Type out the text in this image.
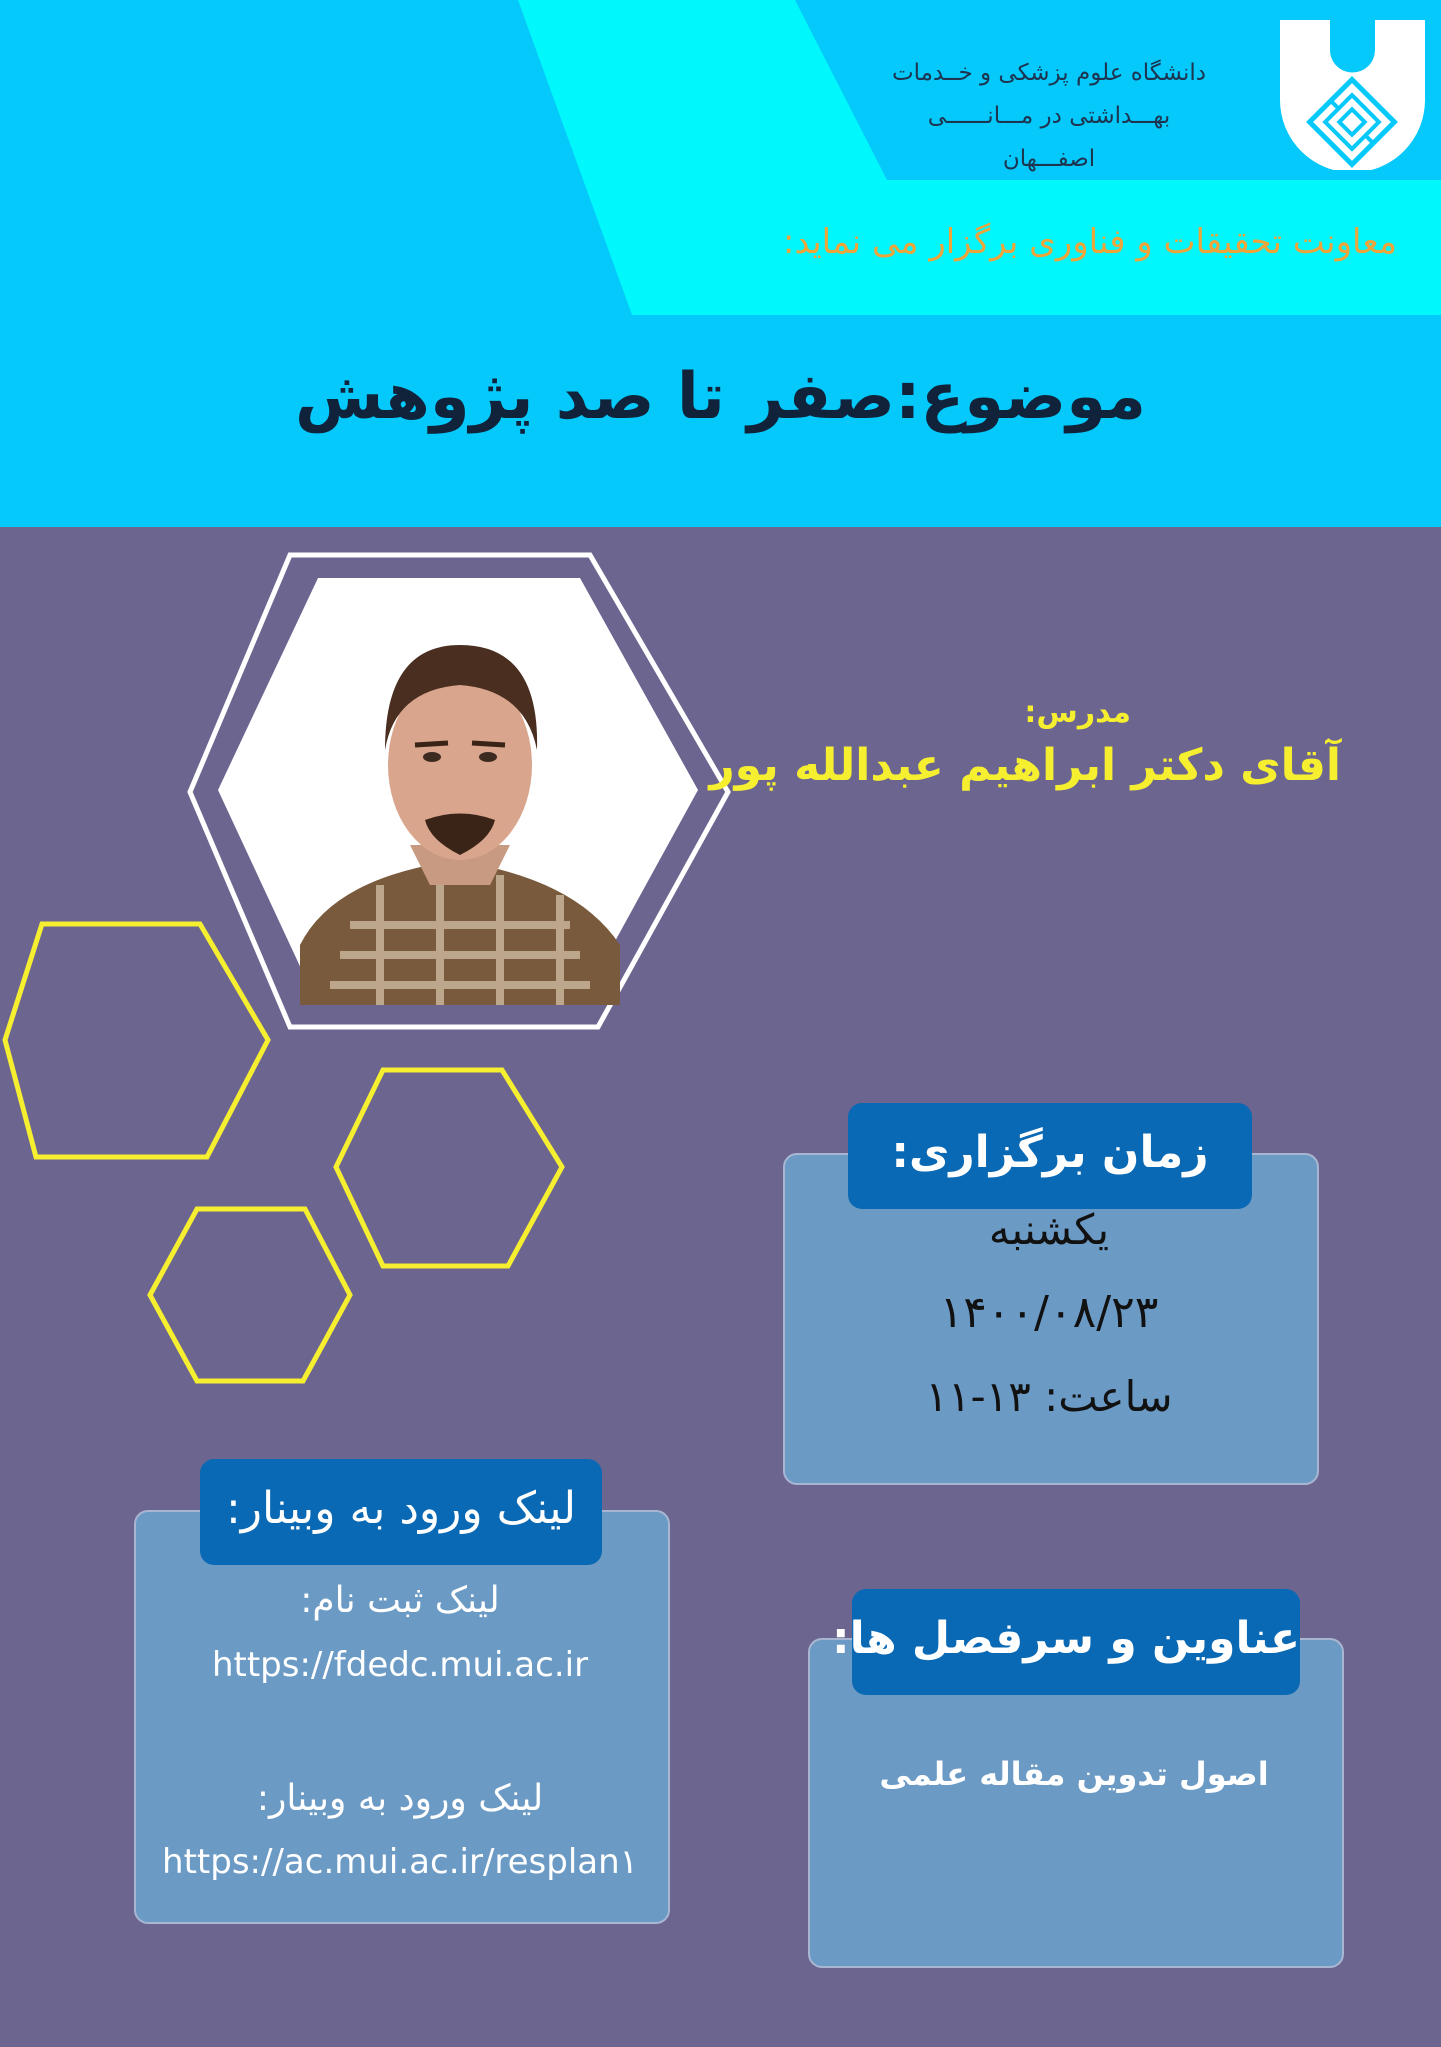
دانشگاه علوم پزشکی و خــدمات
بهـــداشتی در مـــانــــــی
اصفـــهان
معاونت تحقیقات و فناوری برگزار می نماید:
موضوع:صفر تا صد پژوهش
مدرس:
آقای دکتر ابراهیم عبدالله پور
زمان برگزاری:
یکشنبه
۱۴۰۰/۰۸/۲۳
ساعت: ۱۳-۱۱
لینک ورود به وبینار:
لینک ثبت نام:
https://fdedc.mui.ac.ir
لینک ورود به وبینار:
https://ac.mui.ac.ir/resplan۱
عناوین و سرفصل ها:
اصول تدوین مقاله علمی
